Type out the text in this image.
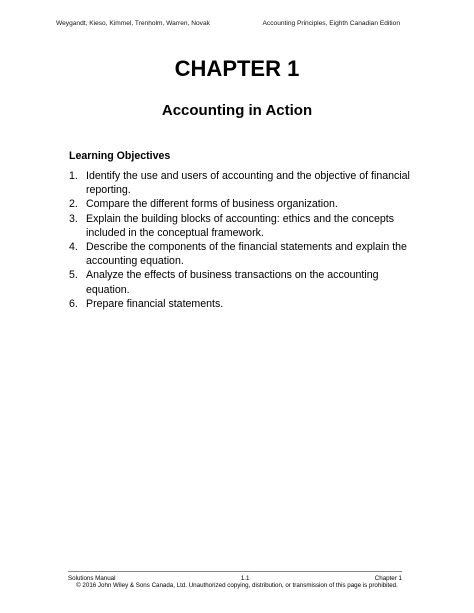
Weygandt, Kieso, Kimmel, Trenholm, Warren, Novak	Accounting Principles, Eighth Canadian Edition
CHAPTER 1
Accounting in Action
Learning Objectives
1. Identify the use and users of accounting and the objective of financial reporting.
2. Compare the different forms of business organization.
3. Explain the building blocks of accounting: ethics and the concepts included in the conceptual framework.
4. Describe the components of the financial statements and explain the accounting equation.
5. Analyze the effects of business transactions on the accounting equation.
6. Prepare financial statements.
Solutions Manual	1.1	Chapter 1
© 2016 John Wiley & Sons Canada, Ltd. Unauthorized copying, distribution, or transmission of this page is prohibited.
